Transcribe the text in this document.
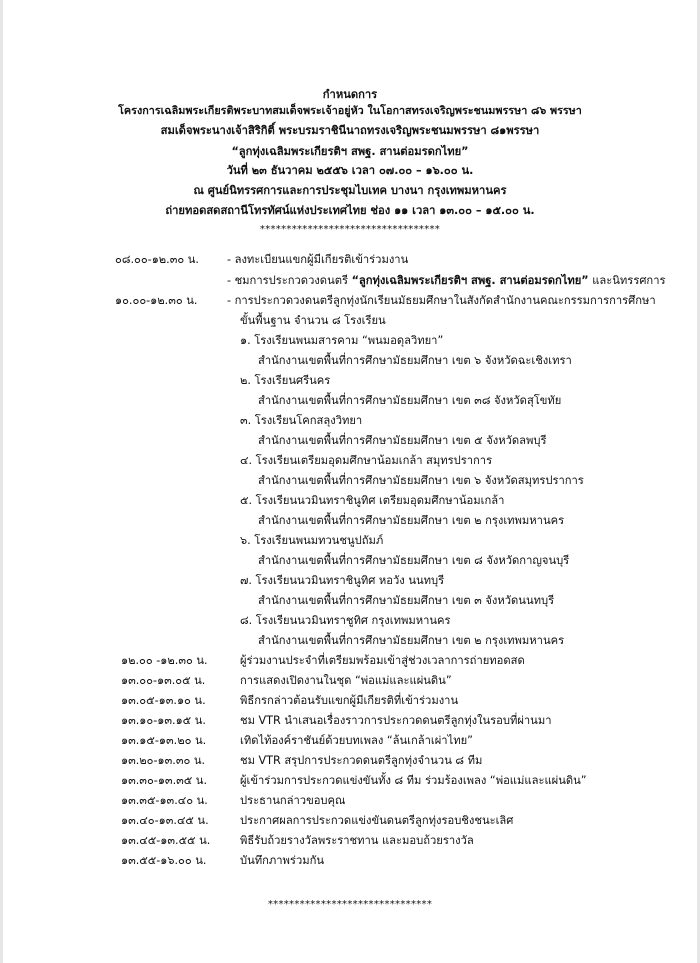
กำหนดการ
โครงการเฉลิมพระเกียรติพระบาทสมเด็จพระเจ้าอยู่หัว ในโอกาสทรงเจริญพระชนมพรรษา ๘๖ พรรษา
สมเด็จพระนางเจ้าสิริกิติ์ พระบรมราชินีนาถทรงเจริญพระชนมพรรษา ๘๑พรรษา
“ลูกทุ่งเฉลิมพระเกียรติฯ สพฐ. สานต่อมรดกไทย”
วันที่ ๒๓ ธันวาคม ๒๕๕๖ เวลา ๐๗.๐๐ – ๑๖.๐๐ น.
ณ ศูนย์นิทรรศการและการประชุมไบเทค บางนา กรุงเทพมหานคร
ถ่ายทอดสดสถานีโทรทัศน์แห่งประเทศไทย ช่อง ๑๑ เวลา ๑๓.๐๐ – ๑๕.๐๐ น.
**********************************
๐๘.๐๐-๑๒.๓๐ น.	- ลงทะเบียนแขกผู้มีเกียรติเข้าร่วมงาน
- ชมการประกวดวงดนตรี “ลูกทุ่งเฉลิมพระเกียรติฯ สพฐ. สานต่อมรดกไทย” และนิทรรศการ
๑๐.๐๐-๑๒.๓๐ น.	- การประกวดวงดนตรีลูกทุ่งนักเรียนมัธยมศึกษาในสังกัดสำนักงานคณะกรรมการการศึกษา
ขั้นพื้นฐาน จำนวน ๘ โรงเรียน
๑. โรงเรียนพนมสารคาม “พนมอดุลวิทยา”
สำนักงานเขตพื้นที่การศึกษามัธยมศึกษา เขต ๖ จังหวัดฉะเชิงเทรา
๒. โรงเรียนศรีนคร
สำนักงานเขตพื้นที่การศึกษามัธยมศึกษา เขต ๓๘ จังหวัดสุโขทัย
๓. โรงเรียนโคกสลุงวิทยา
สำนักงานเขตพื้นที่การศึกษามัธยมศึกษา เขต ๕ จังหวัดลพบุรี
๔. โรงเรียนเตรียมอุดมศึกษาน้อมเกล้า สมุทรปราการ
สำนักงานเขตพื้นที่การศึกษามัธยมศึกษา เขต ๖ จังหวัดสมุทรปราการ
๕. โรงเรียนนวมินทราชินูทิศ เตรียมอุดมศึกษาน้อมเกล้า
สำนักงานเขตพื้นที่การศึกษามัธยมศึกษา เขต ๒ กรุงเทพมหานคร
๖. โรงเรียนพนมทวนชนูปถัมภ์
สำนักงานเขตพื้นที่การศึกษามัธยมศึกษา เขต ๘ จังหวัดกาญจนบุรี
๗. โรงเรียนนวมินทราชินูทิศ หอวัง นนทบุรี
สำนักงานเขตพื้นที่การศึกษามัธยมศึกษา เขต ๓ จังหวัดนนทบุรี
๘. โรงเรียนนวมินทราชูทิศ กรุงเทพมหานคร
สำนักงานเขตพื้นที่การศึกษามัธยมศึกษา เขต ๒ กรุงเทพมหานคร
๑๒.๐๐ -๑๒.๓๐ น.	ผู้ร่วมงานประจำที่เตรียมพร้อมเข้าสู่ช่วงเวลาการถ่ายทอดสด
๑๓.๐๐-๑๓.๐๕ น.	การแสดงเปิดงานในชุด “พ่อแม่และแผ่นดิน”
๑๓.๐๕-๑๓.๑๐ น.	พิธีกรกล่าวต้อนรับแขกผู้มีเกียรติที่เข้าร่วมงาน
๑๓.๑๐-๑๓.๑๕ น.	ชม VTR นำเสนอเรื่องราวการประกวดดนตรีลูกทุ่งในรอบที่ผ่านมา
๑๓.๑๕-๑๓.๒๐ น.	เทิดไท้องค์ราชันย์ด้วยบทเพลง “ล้นเกล้าเผ่าไทย”
๑๓.๒๐-๑๓.๓๐ น.	ชม VTR สรุปการประกวดดนตรีลูกทุ่งจำนวน ๘ ทีม
๑๓.๓๐-๑๓.๓๕ น.	ผู้เข้าร่วมการประกวดแข่งขันทั้ง ๘ ทีม ร่วมร้องเพลง “พ่อแม่และแผ่นดิน”
๑๓.๓๕-๑๓.๔๐ น.	ประธานกล่าวขอบคุณ
๑๓.๔๐-๑๓.๔๕ น.	ประกาศผลการประกวดแข่งขันดนตรีลูกทุ่งรอบชิงชนะเลิศ
๑๓.๔๕-๑๓.๕๕ น.	พิธีรับถ้วยรางวัลพระราชทาน และมอบถ้วยรางวัล
๑๓.๕๕-๑๖.๐๐ น.	บันทึกภาพร่วมกัน
*******************************
